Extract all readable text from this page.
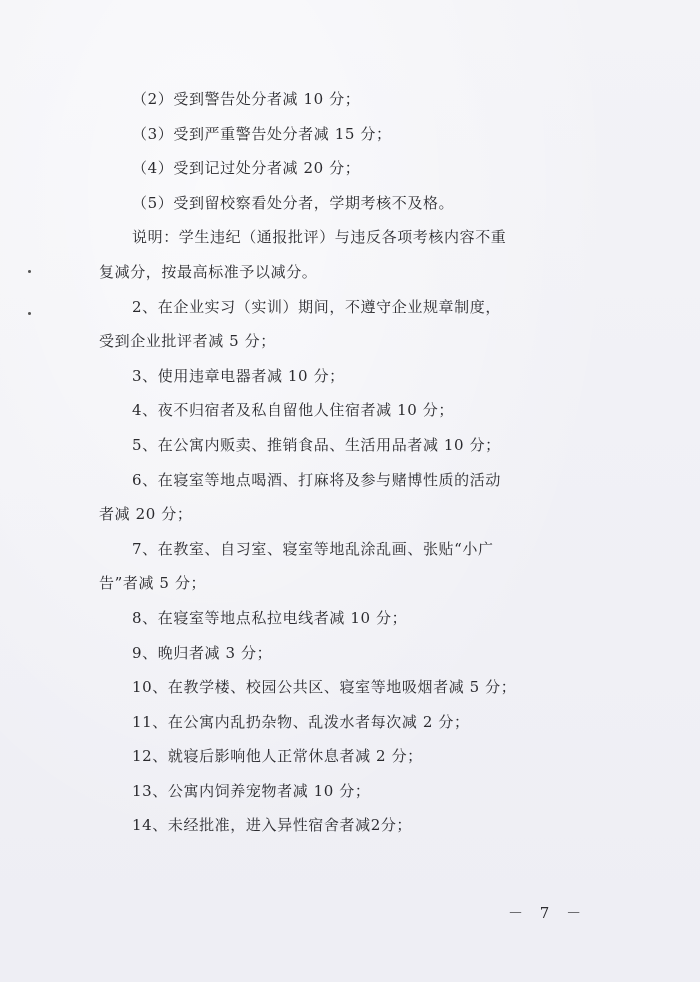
（2）受到警告处分者减 10 分；
（3）受到严重警告处分者减 15 分；
（4）受到记过处分者减 20 分；
（5）受到留校察看处分者，学期考核不及格。
说明：学生违纪（通报批评）与违反各项考核内容不重
复减分，按最高标准予以减分。
2、在企业实习（实训）期间，不遵守企业规章制度，
受到企业批评者减 5 分；
3、使用违章电器者减 10 分；
4、夜不归宿者及私自留他人住宿者减 10 分；
5、在公寓内贩卖、推销食品、生活用品者减 10 分；
6、在寝室等地点喝酒、打麻将及参与赌博性质的活动
者减 20 分；
7、在教室、自习室、寝室等地乱涂乱画、张贴“小广
告”者减 5 分；
8、在寝室等地点私拉电线者减 10 分；
9、晚归者减 3 分；
10、在教学楼、校园公共区、寝室等地吸烟者减 5 分；
11、在公寓内乱扔杂物、乱泼水者每次减 2 分；
12、就寝后影响他人正常休息者减 2 分；
13、公寓内饲养宠物者减 10 分；
14、未经批准，进入异性宿舍者减2分；
－ 7 －
